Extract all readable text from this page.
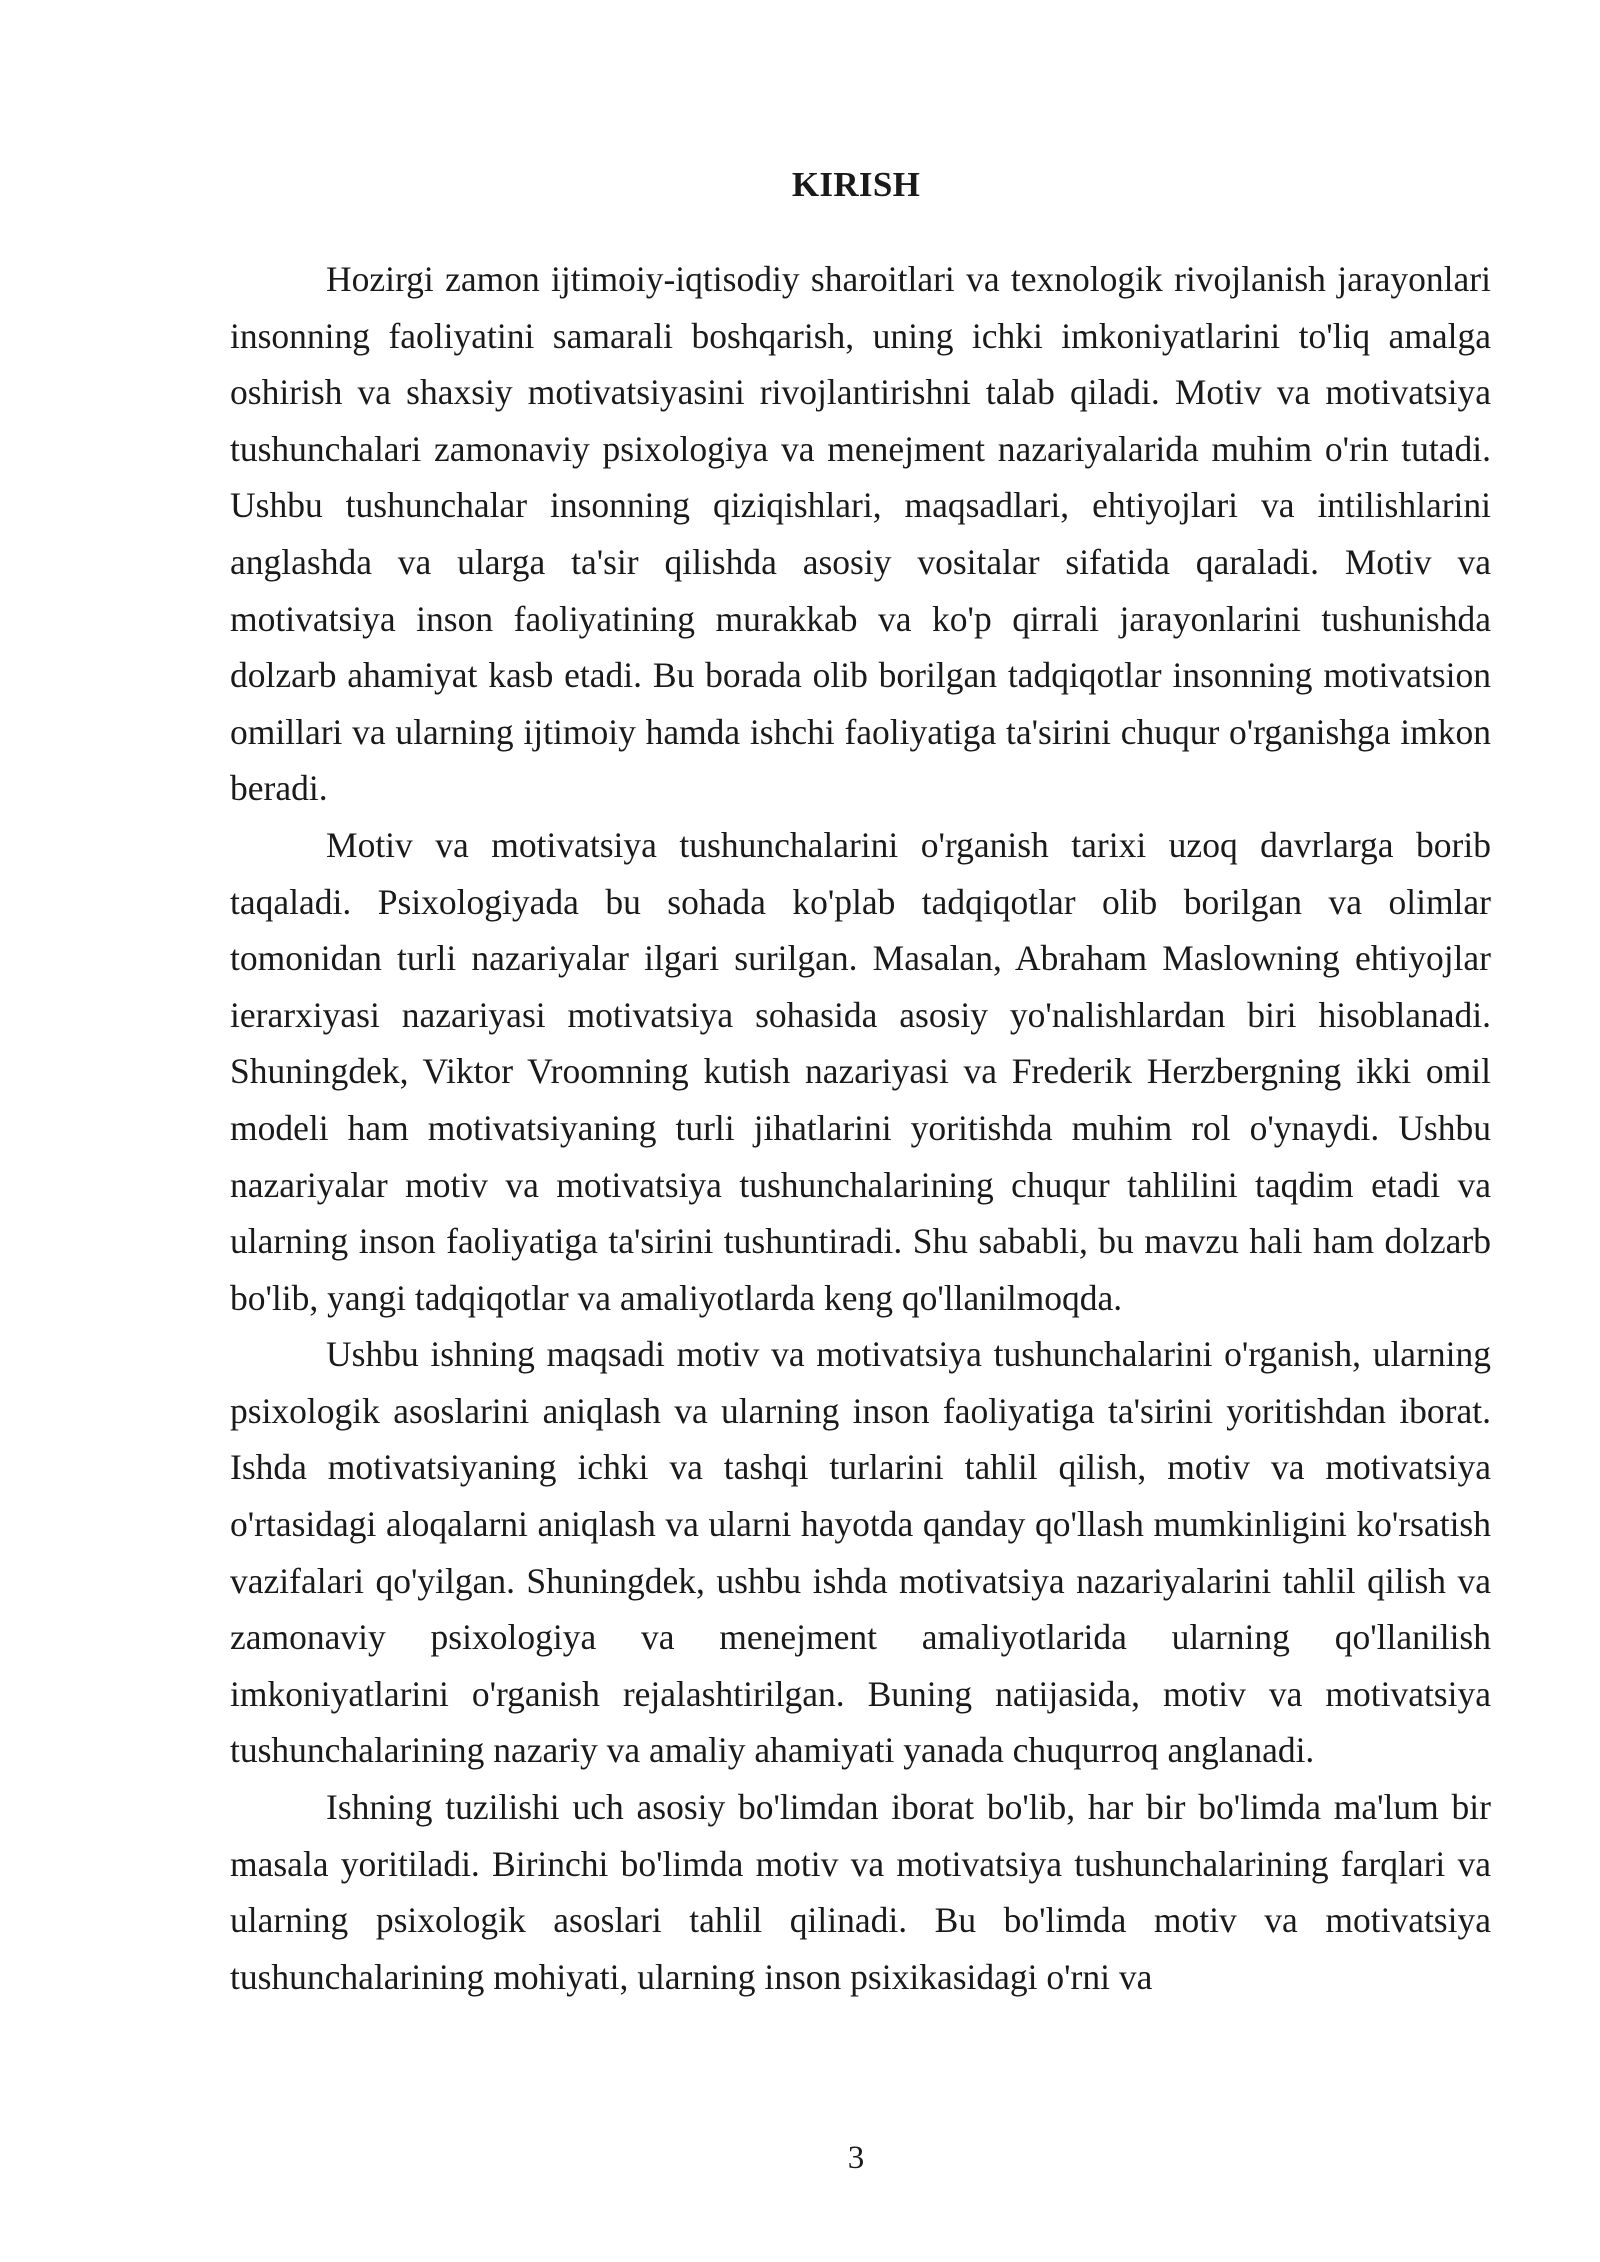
KIRISH

Hozirgi zamon ijtimoiy-iqtisodiy sharoitlari va texnologik rivojlanish jarayonlari insonning faoliyatini samarali boshqarish, uning ichki imkoniyatlarini to'liq amalga oshirish va shaxsiy motivatsiyasini rivojlantirishni talab qiladi. Motiv va motivatsiya tushunchalari zamonaviy psixologiya va menejment nazariyalarida muhim o'rin tutadi. Ushbu tushunchalar insonning qiziqishlari, maqsadlari, ehtiyojlari va intilishlarini anglashda va ularga ta'sir qilishda asosiy vositalar sifatida qaraladi. Motiv va motivatsiya inson faoliyatining murakkab va ko'p qirrali jarayonlarini tushunishda dolzarb ahamiyat kasb etadi. Bu borada olib borilgan tadqiqotlar insonning motivatsion omillari va ularning ijtimoiy hamda ishchi faoliyatiga ta'sirini chuqur o'rganishga imkon beradi.

Motiv va motivatsiya tushunchalarini o'rganish tarixi uzoq davrlarga borib taqaladi. Psixologiyada bu sohada ko'plab tadqiqotlar olib borilgan va olimlar tomonidan turli nazariyalar ilgari surilgan. Masalan, Abraham Maslowning ehtiyojlar ierarxiyasi nazariyasi motivatsiya sohasida asosiy yo'nalishlardan biri hisoblanadi. Shuningdek, Viktor Vroomning kutish nazariyasi va Frederik Herzbergning ikki omil modeli ham motivatsiyaning turli jihatlarini yoritishda muhim rol o'ynaydi. Ushbu nazariyalar motiv va motivatsiya tushunchalarining chuqur tahlilini taqdim etadi va ularning inson faoliyatiga ta'sirini tushuntiradi. Shu sababli, bu mavzu hali ham dolzarb bo'lib, yangi tadqiqotlar va amaliyotlarda keng qo'llanilmoqda.

Ushbu ishning maqsadi motiv va motivatsiya tushunchalarini o'rganish, ularning psixologik asoslarini aniqlash va ularning inson faoliyatiga ta'sirini yoritishdan iborat. Ishda motivatsiyaning ichki va tashqi turlarini tahlil qilish, motiv va motivatsiya o'rtasidagi aloqalarni aniqlash va ularni hayotda qanday qo'llash mumkinligini ko'rsatish vazifalari qo'yilgan. Shuningdek, ushbu ishda motivatsiya nazariyalarini tahlil qilish va zamonaviy psixologiya va menejment amaliyotlarida ularning qo'llanilish imkoniyatlarini o'rganish rejalashtirilgan. Buning natijasida, motiv va motivatsiya tushunchalarining nazariy va amaliy ahamiyati yanada chuqurroq anglanadi.

Ishning tuzilishi uch asosiy bo'limdan iborat bo'lib, har bir bo'limda ma'lum bir masala yoritiladi. Birinchi bo'limda motiv va motivatsiya tushunchalarining farqlari va ularning psixologik asoslari tahlil qilinadi. Bu bo'limda motiv va motivatsiya tushunchalarining mohiyati, ularning inson psixikasidagi o'rni va

3
